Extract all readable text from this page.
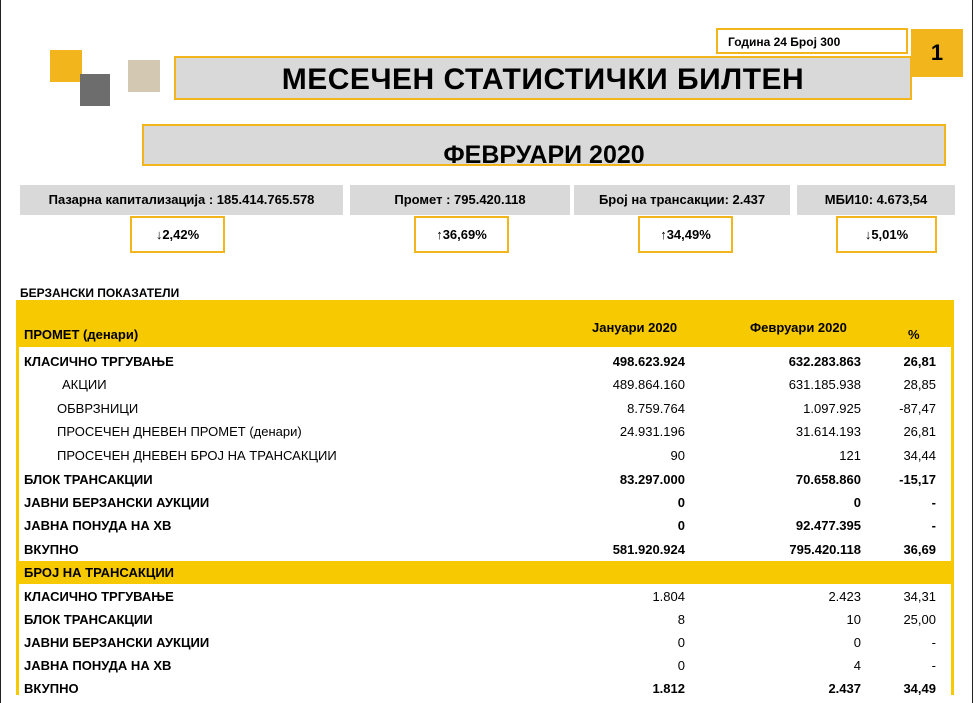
Година 24 Број 300	1
МЕСЕЧЕН СТАТИСТИЧКИ БИЛТЕН
ФЕВРУАРИ 2020
Пазарна капитализација : 185.414.765.578	Промет : 795.420.118	Број на трансакции: 2.437	МБИ10: 4.673,54
↓2,42%	↑36,69%	↑34,49%	↓5,01%
БЕРЗАНСКИ ПОКАЗАТЕЛИ
ПРОМЕТ (денари)	Јануари 2020	Февруари 2020	%
КЛАСИЧНО ТРГУВАЊЕ	498.623.924	632.283.863	26,81
АКЦИИ	489.864.160	631.185.938	28,85
ОБВРЗНИЦИ	8.759.764	1.097.925	-87,47
ПРОСЕЧЕН ДНЕВЕН ПРОМЕТ (денари)	24.931.196	31.614.193	26,81
ПРОСЕЧЕН ДНЕВЕН БРОЈ НА ТРАНСАКЦИИ	90	121	34,44
БЛОК ТРАНСАКЦИИ	83.297.000	70.658.860	-15,17
ЈАВНИ БЕРЗАНСКИ АУКЦИИ	0	0	-
ЈАВНА ПОНУДА НА ХВ	0	92.477.395	-
ВКУПНО	581.920.924	795.420.118	36,69
БРОЈ НА ТРАНСАКЦИИ
КЛАСИЧНО ТРГУВАЊЕ	1.804	2.423	34,31
БЛОК ТРАНСАКЦИИ	8	10	25,00
ЈАВНИ БЕРЗАНСКИ АУКЦИИ	0	0	-
ЈАВНА ПОНУДА НА ХВ	0	4	-
ВКУПНО	1.812	2.437	34,49
